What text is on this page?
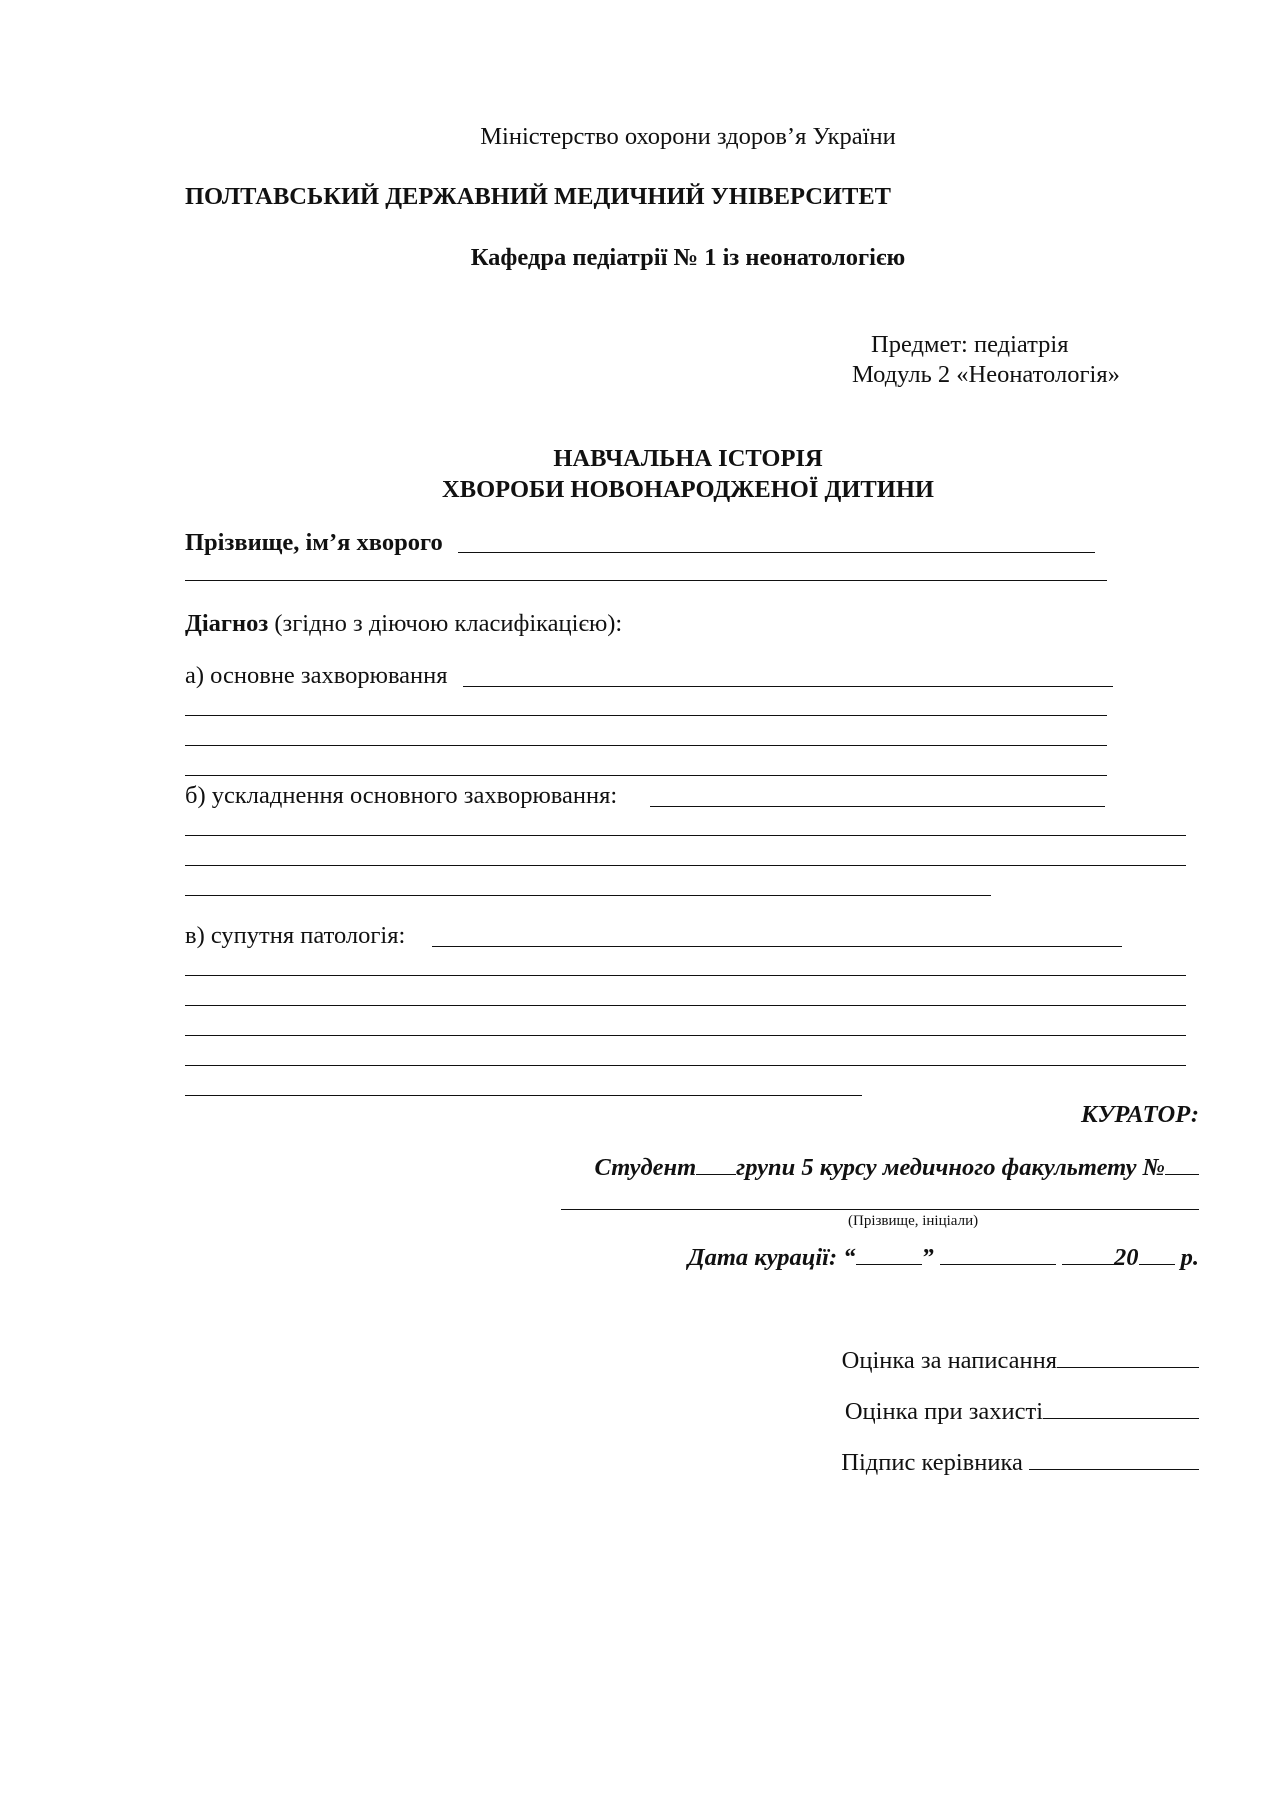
Міністерство охорони здоров’я України
ПОЛТАВСЬКИЙ ДЕРЖАВНИЙ МЕДИЧНИЙ УНІВЕРСИТЕТ
Кафедра педіатрії № 1 із неонатологією
Предмет: педіатрія
Модуль 2 «Неонатологія»
НАВЧАЛЬНА ІСТОРІЯ
ХВОРОБИ НОВОНАРОДЖЕНОЇ ДИТИНИ
Прізвище, ім’я хворого
Діагноз (згідно з діючою класифікацією):
а) основне захворювання
б) ускладнення основного захворювання:
в) супутня патологія:
КУРАТОР:
Студент групи 5 курсу медичного факультету №
(Прізвище, ініціали)
Дата курації: “	”	20 р.
Оцінка за написання
Оцінка при захисті
Підпис керівника
